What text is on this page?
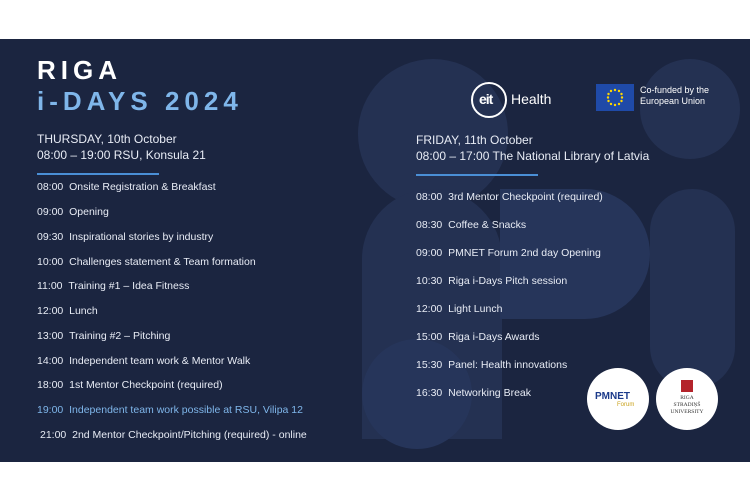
RIGA
i-DAYS 2024
THURSDAY, 10th October
08:00 – 19:00 RSU, Konsula 21
08:00 Onsite Registration & Breakfast
09:00 Opening
09:30 Inspirational stories by industry
10:00 Challenges statement & Team formation
11:00 Training #1 – Idea Fitness
12:00 Lunch
13:00 Training #2 – Pitching
14:00 Independent team work & Mentor Walk
18:00 1st Mentor Checkpoint (required)
19:00 Independent team work possible at RSU, Vilipa 12
21:00 2nd Mentor Checkpoint/Pitching (required) - online
eit Health
Co-funded by the
European Union
FRIDAY, 11th October
08:00 – 17:00 The National Library of Latvia
08:00 3rd Mentor Checkpoint (required)
08:30 Coffee & Snacks
09:00 PMNET Forum 2nd day Opening
10:30 Riga i-Days Pitch session
12:00 Light Lunch
15:00 Riga i-Days Awards
15:30 Panel: Health innovations
16:30 Networking Break	PMNET
Forum
RIGA
STRADIŅŠ
UNIVERSITY
